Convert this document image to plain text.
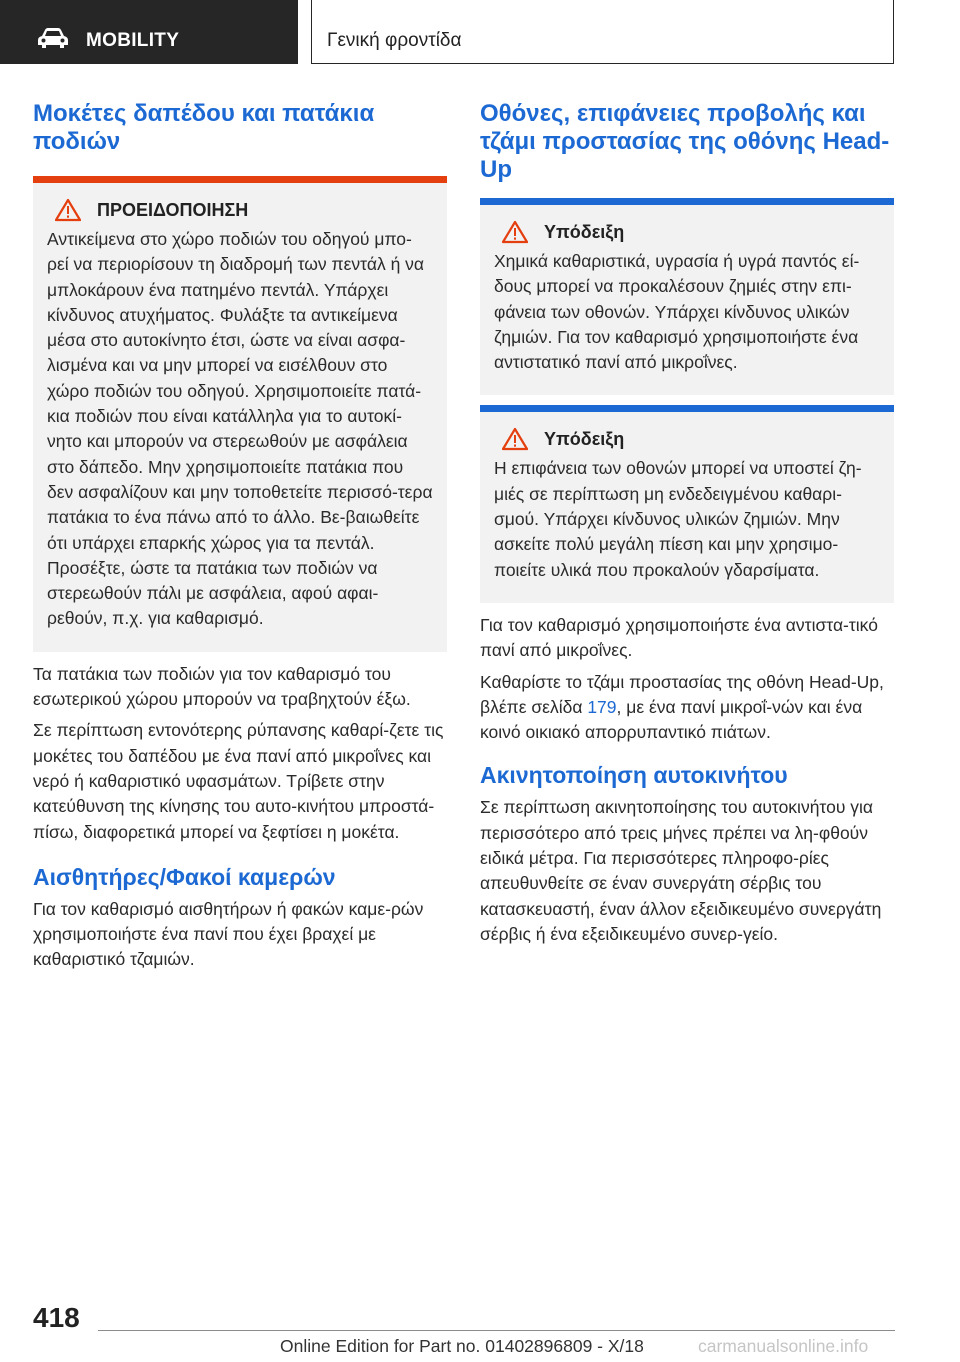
MOBILITY	Γενική φροντίδα
Μοκέτες δαπέδου και πατάκια ποδιών
ΠΡΟΕΙΔΟΠΟΙΗΣΗ

Αντικείμενα στο χώρο ποδιών του οδηγού μπο-ρεί να περιορίσουν τη διαδρομή των πεντάλ ή να μπλοκάρουν ένα πατημένο πεντάλ. Υπάρχει κίνδυνος ατυχήματος. Φυλάξτε τα αντικείμενα μέσα στο αυτοκίνητο έτσι, ώστε να είναι ασφα-λισμένα και να μην μπορεί να εισέλθουν στο χώρο ποδιών του οδηγού. Χρησιμοποιείτε πατά-κια ποδιών που είναι κατάλληλα για το αυτοκί-νητο και μπορούν να στερεωθούν με ασφάλεια στο δάπεδο. Μην χρησιμοποιείτε πατάκια που δεν ασφαλίζουν και μην τοποθετείτε περισσό-τερα πατάκια το ένα πάνω από το άλλο. Βε-βαιωθείτε ότι υπάρχει επαρκής χώρος για τα πεντάλ. Προσέξτε, ώστε τα πατάκια των ποδιών να στερεωθούν πάλι με ασφάλεια, αφού αφαι-ρεθούν, π.χ. για καθαρισμό.

Τα πατάκια των ποδιών για τον καθαρισμό του εσωτερικού χώρου μπορούν να τραβηχτούν έξω.

Σε περίπτωση εντονότερης ρύπανσης καθαρί-ζετε τις μοκέτες του δαπέδου με ένα πανί από μικροΐνες και νερό ή καθαριστικό υφασμάτων. Τρίβετε στην κατεύθυνση της κίνησης του αυτο-κινήτου μπροστά-πίσω, διαφορετικά μπορεί να ξεφτίσει η μοκέτα.

Αισθητήρες/Φακοί καμερών

Για τον καθαρισμό αισθητήρων ή φακών καμε-ρών χρησιμοποιήστε ένα πανί που έχει βραχεί με καθαριστικό τζαμιών.

Οθόνες, επιφάνειες προβολής και τζάμι προστασίας της οθόνης Head-Up
Υπόδειξη

Χημικά καθαριστικά, υγρασία ή υγρά παντός εί-δους μπορεί να προκαλέσουν ζημιές στην επι-φάνεια των οθονών. Υπάρχει κίνδυνος υλικών ζημιών. Για τον καθαρισμό χρησιμοποιήστε ένα αντιστατικό πανί από μικροΐνες.

Υπόδειξη

Η επιφάνεια των οθονών μπορεί να υποστεί ζη-μιές σε περίπτωση μη ενδεδειγμένου καθαρι-σμού. Υπάρχει κίνδυνος υλικών ζημιών. Μην ασκείτε πολύ μεγάλη πίεση και μην χρησιμο-ποιείτε υλικά που προκαλούν γδαρσίματα.

Για τον καθαρισμό χρησιμοποιήστε ένα αντιστα-τικό πανί από μικροΐνες.

Καθαρίστε το τζάμι προστασίας της οθόνη Head-Up, βλέπε σελίδα 179, με ένα πανί μικροΐ-νών και ένα κοινό οικιακό απορρυπαντικό πιάτων.

Ακινητοποίηση αυτοκινήτου

Σε περίπτωση ακινητοποίησης του αυτοκινήτου για περισσότερο από τρεις μήνες πρέπει να λη-φθούν ειδικά μέτρα. Για περισσότερες πληροφο-ρίες απευθυνθείτε σε έναν συνεργάτη σέρβις του κατασκευαστή, έναν άλλον εξειδικευμένο συνεργάτη σέρβις ή ένα εξειδικευμένο συνερ-γείο.

418
Online Edition for Part no. 01402896809 - X/18	carmanualsonline.info
